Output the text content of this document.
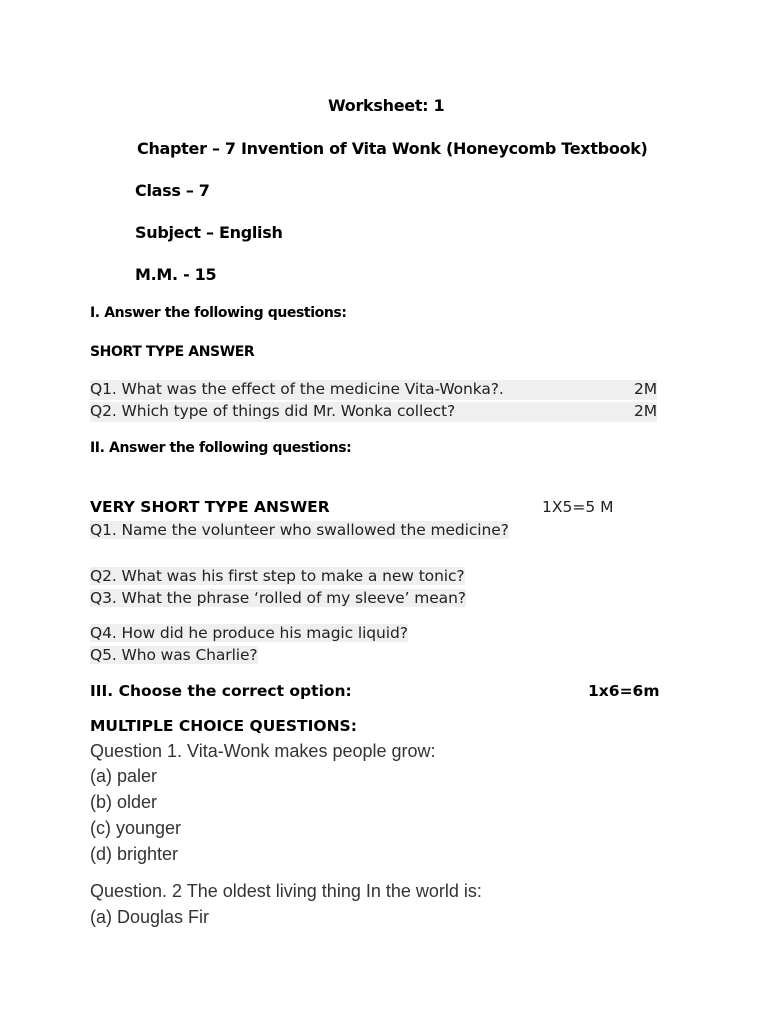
Worksheet: 1
Chapter – 7 Invention of Vita Wonk (Honeycomb Textbook)
Class – 7
Subject – English
M.M. - 15
I. Answer the following questions:
SHORT TYPE ANSWER
Q1. What was the effect of the medicine Vita-Wonka?.	2M
Q2. Which type of things did Mr. Wonka collect?	2M
II. Answer the following questions:
VERY SHORT TYPE ANSWER	1X5=5 M
Q1. Name the volunteer who swallowed the medicine?
Q2. What was his first step to make a new tonic?
Q3. What the phrase ‘rolled of my sleeve’ mean?
Q4. How did he produce his magic liquid?
Q5. Who was Charlie?
III. Choose the correct option:	1x6=6m
MULTIPLE CHOICE QUESTIONS:
Question 1. Vita-Wonk makes people grow:
(a) paler
(b) older
(c) younger
(d) brighter
Question. 2 The oldest living thing In the world is:
(a) Douglas Fir
